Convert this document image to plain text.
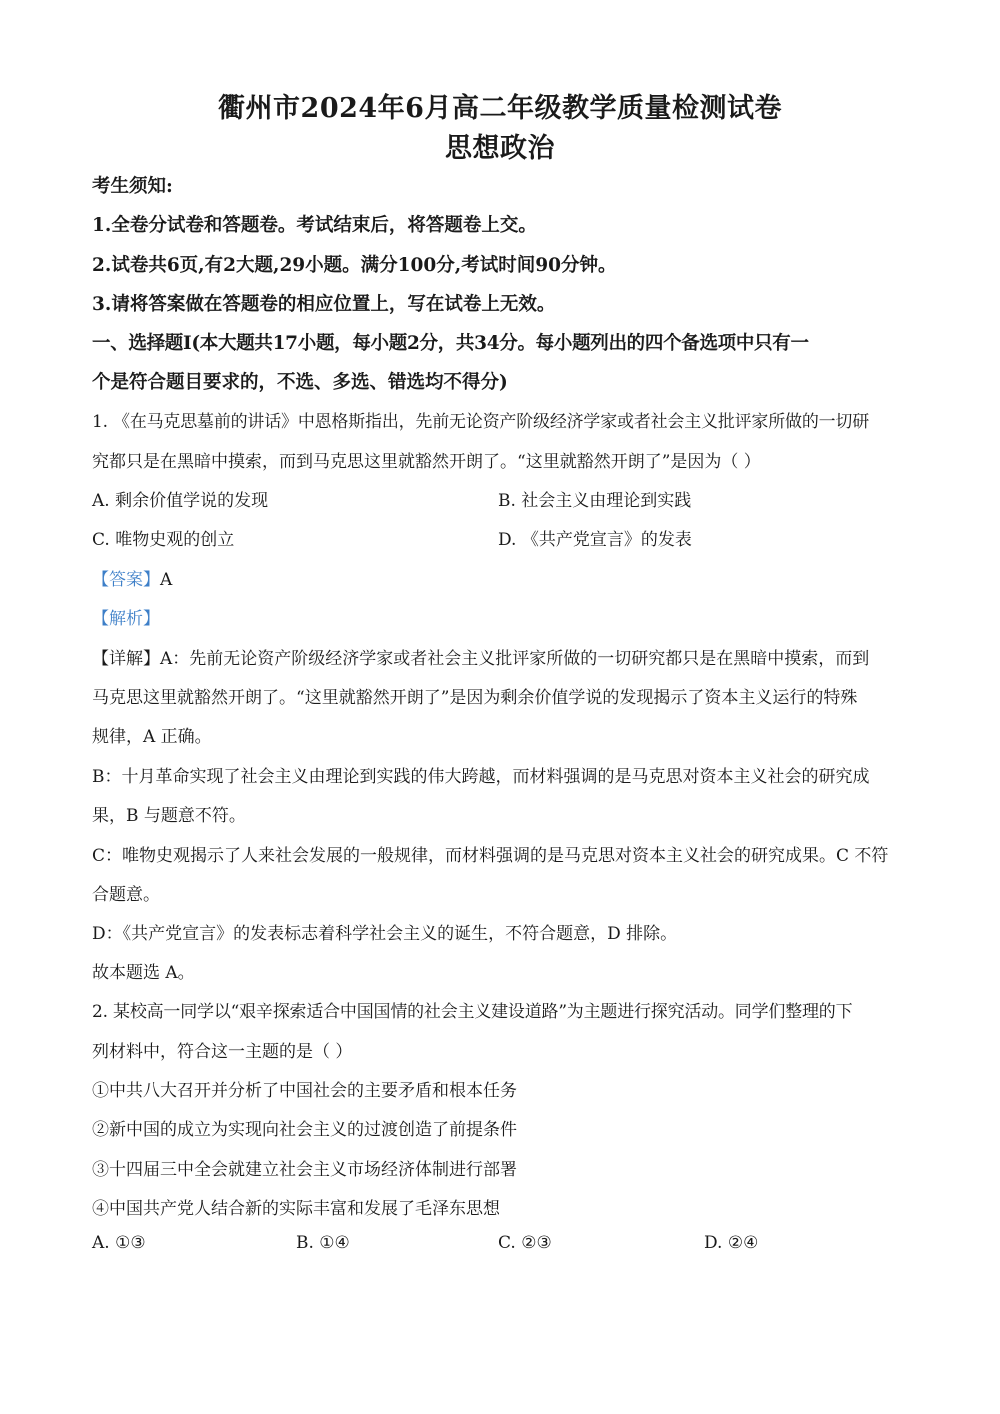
衢州市2024年6月高二年级教学质量检测试卷
思想政治
考生须知:
1.全卷分试卷和答题卷。考试结束后，将答题卷上交。
2.试卷共6页,有2大题,29小题。满分100分,考试时间90分钟。
3.请将答案做在答题卷的相应位置上，写在试卷上无效。
一、选择题Ⅰ(本大题共17小题，每小题2分，共34分。每小题列出的四个备选项中只有一
个是符合题目要求的，不选、多选、错选均不得分)
1. 《在马克思墓前的讲话》中恩格斯指出，先前无论资产阶级经济学家或者社会主义批评家所做的一切研
究都只是在黑暗中摸索，而到马克思这里就豁然开朗了。“这里就豁然开朗了”是因为（ ）
A. 剩余价值学说的发现	B. 社会主义由理论到实践
C. 唯物史观的创立	D. 《共产党宣言》的发表
【答案】A
【解析】
【详解】A：先前无论资产阶级经济学家或者社会主义批评家所做的一切研究都只是在黑暗中摸索，而到
马克思这里就豁然开朗了。“这里就豁然开朗了”是因为剩余价值学说的发现揭示了资本主义运行的特殊
规律，A 正确。
B：十月革命实现了社会主义由理论到实践的伟大跨越，而材料强调的是马克思对资本主义社会的研究成
果，B 与题意不符。
C：唯物史观揭示了人来社会发展的一般规律，而材料强调的是马克思对资本主义社会的研究成果。C 不符
合题意。
D：《共产党宣言》的发表标志着科学社会主义的诞生，不符合题意，D 排除。
故本题选 A。
2. 某校高一同学以“艰辛探索适合中国国情的社会主义建设道路”为主题进行探究活动。同学们整理的下
列材料中，符合这一主题的是（ ）
①中共八大召开并分析了中国社会的主要矛盾和根本任务
②新中国的成立为实现向社会主义的过渡创造了前提条件
③十四届三中全会就建立社会主义市场经济体制进行部署
④中国共产党人结合新的实际丰富和发展了毛泽东思想
A. ①③	B. ①④	C. ②③	D. ②④
